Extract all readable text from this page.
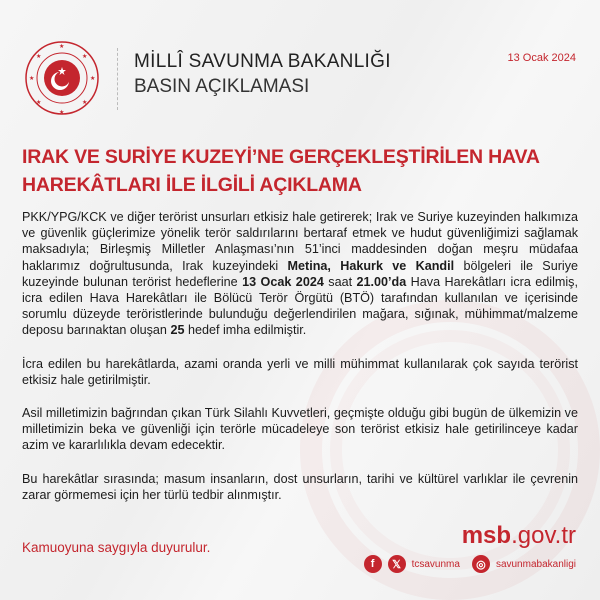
★	★
★
★
★	★
★	★
MİLLÎ SAVUNMA BAKANLIĞI
BASIN AÇIKLAMASI
13 Ocak 2024
IRAK VE SURİYE KUZEYİ’NE GERÇEKLEŞTİRİLEN HAVA HAREKÂTLARI İLE İLGİLİ AÇIKLAMA

PKK/YPG/KCK ve diğer terörist unsurları etkisiz hale getirerek; Irak ve Suriye kuzeyinden halkımıza ve güvenlik güçlerimize yönelik terör saldırılarını bertaraf etmek ve hudut güvenliğimizi sağlamak maksadıyla; Birleşmiş Milletler Anlaşması’nın 51’inci maddesinden doğan meşru müdafaa haklarımız doğrultusunda, Irak kuzeyindeki Metina, Hakurk ve Kandil bölgeleri ile Suriye kuzeyinde bulunan terörist hedeflerine 13 Ocak 2024 saat 21.00’da Hava Harekâtları icra edilmiş, icra edilen Hava Harekâtları ile Bölücü Terör Örgütü (BTÖ) tarafından kullanılan ve içerisinde sorumlu düzeyde teröristlerinde bulunduğu değerlendirilen mağara, sığınak, mühimmat/malzeme deposu barınaktan oluşan 25 hedef imha edilmiştir.

İcra edilen bu harekâtlarda, azami oranda yerli ve milli mühimmat kullanılarak çok sayıda terörist etkisiz hale getirilmiştir.

Asil milletimizin bağrından çıkan Türk Silahlı Kuvvetleri, geçmişte olduğu gibi bugün de ülkemizin ve milletimizin beka ve güvenliği için terörle mücadeleye son terörist etkisiz hale getirilinceye kadar azim ve kararlılıkla devam edecektir.

Bu harekâtlar sırasında; masum insanların, dost unsurların, tarihi ve kültürel varlıklar ile çevrenin zarar görmemesi için her türlü tedbir alınmıştır.

Kamuoyuna saygıyla duyurulur.	msb.gov.tr
f	𝕏	tcsavunma	◎	savunmabakanligi
